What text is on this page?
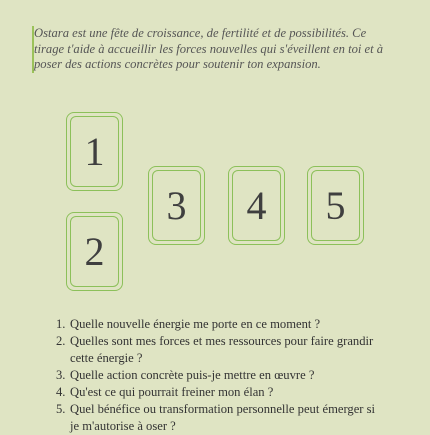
Ostara est une fête de croissance, de fertilité et de possibilités. Ce tirage t'aide à accueillir les forces nouvelles qui s'éveillent en toi et à poser des actions concrètes pour soutenir ton expansion.

1
2
3 4 5
1. Quelle nouvelle énergie me porte en ce moment ?
2. Quelles sont mes forces et mes ressources pour faire grandir cette énergie ?
3. Quelle action concrète puis-je mettre en œuvre ?
4. Qu'est ce qui pourrait freiner mon élan ?
5. Quel bénéfice ou transformation personnelle peut émerger si je m'autorise à oser ?
